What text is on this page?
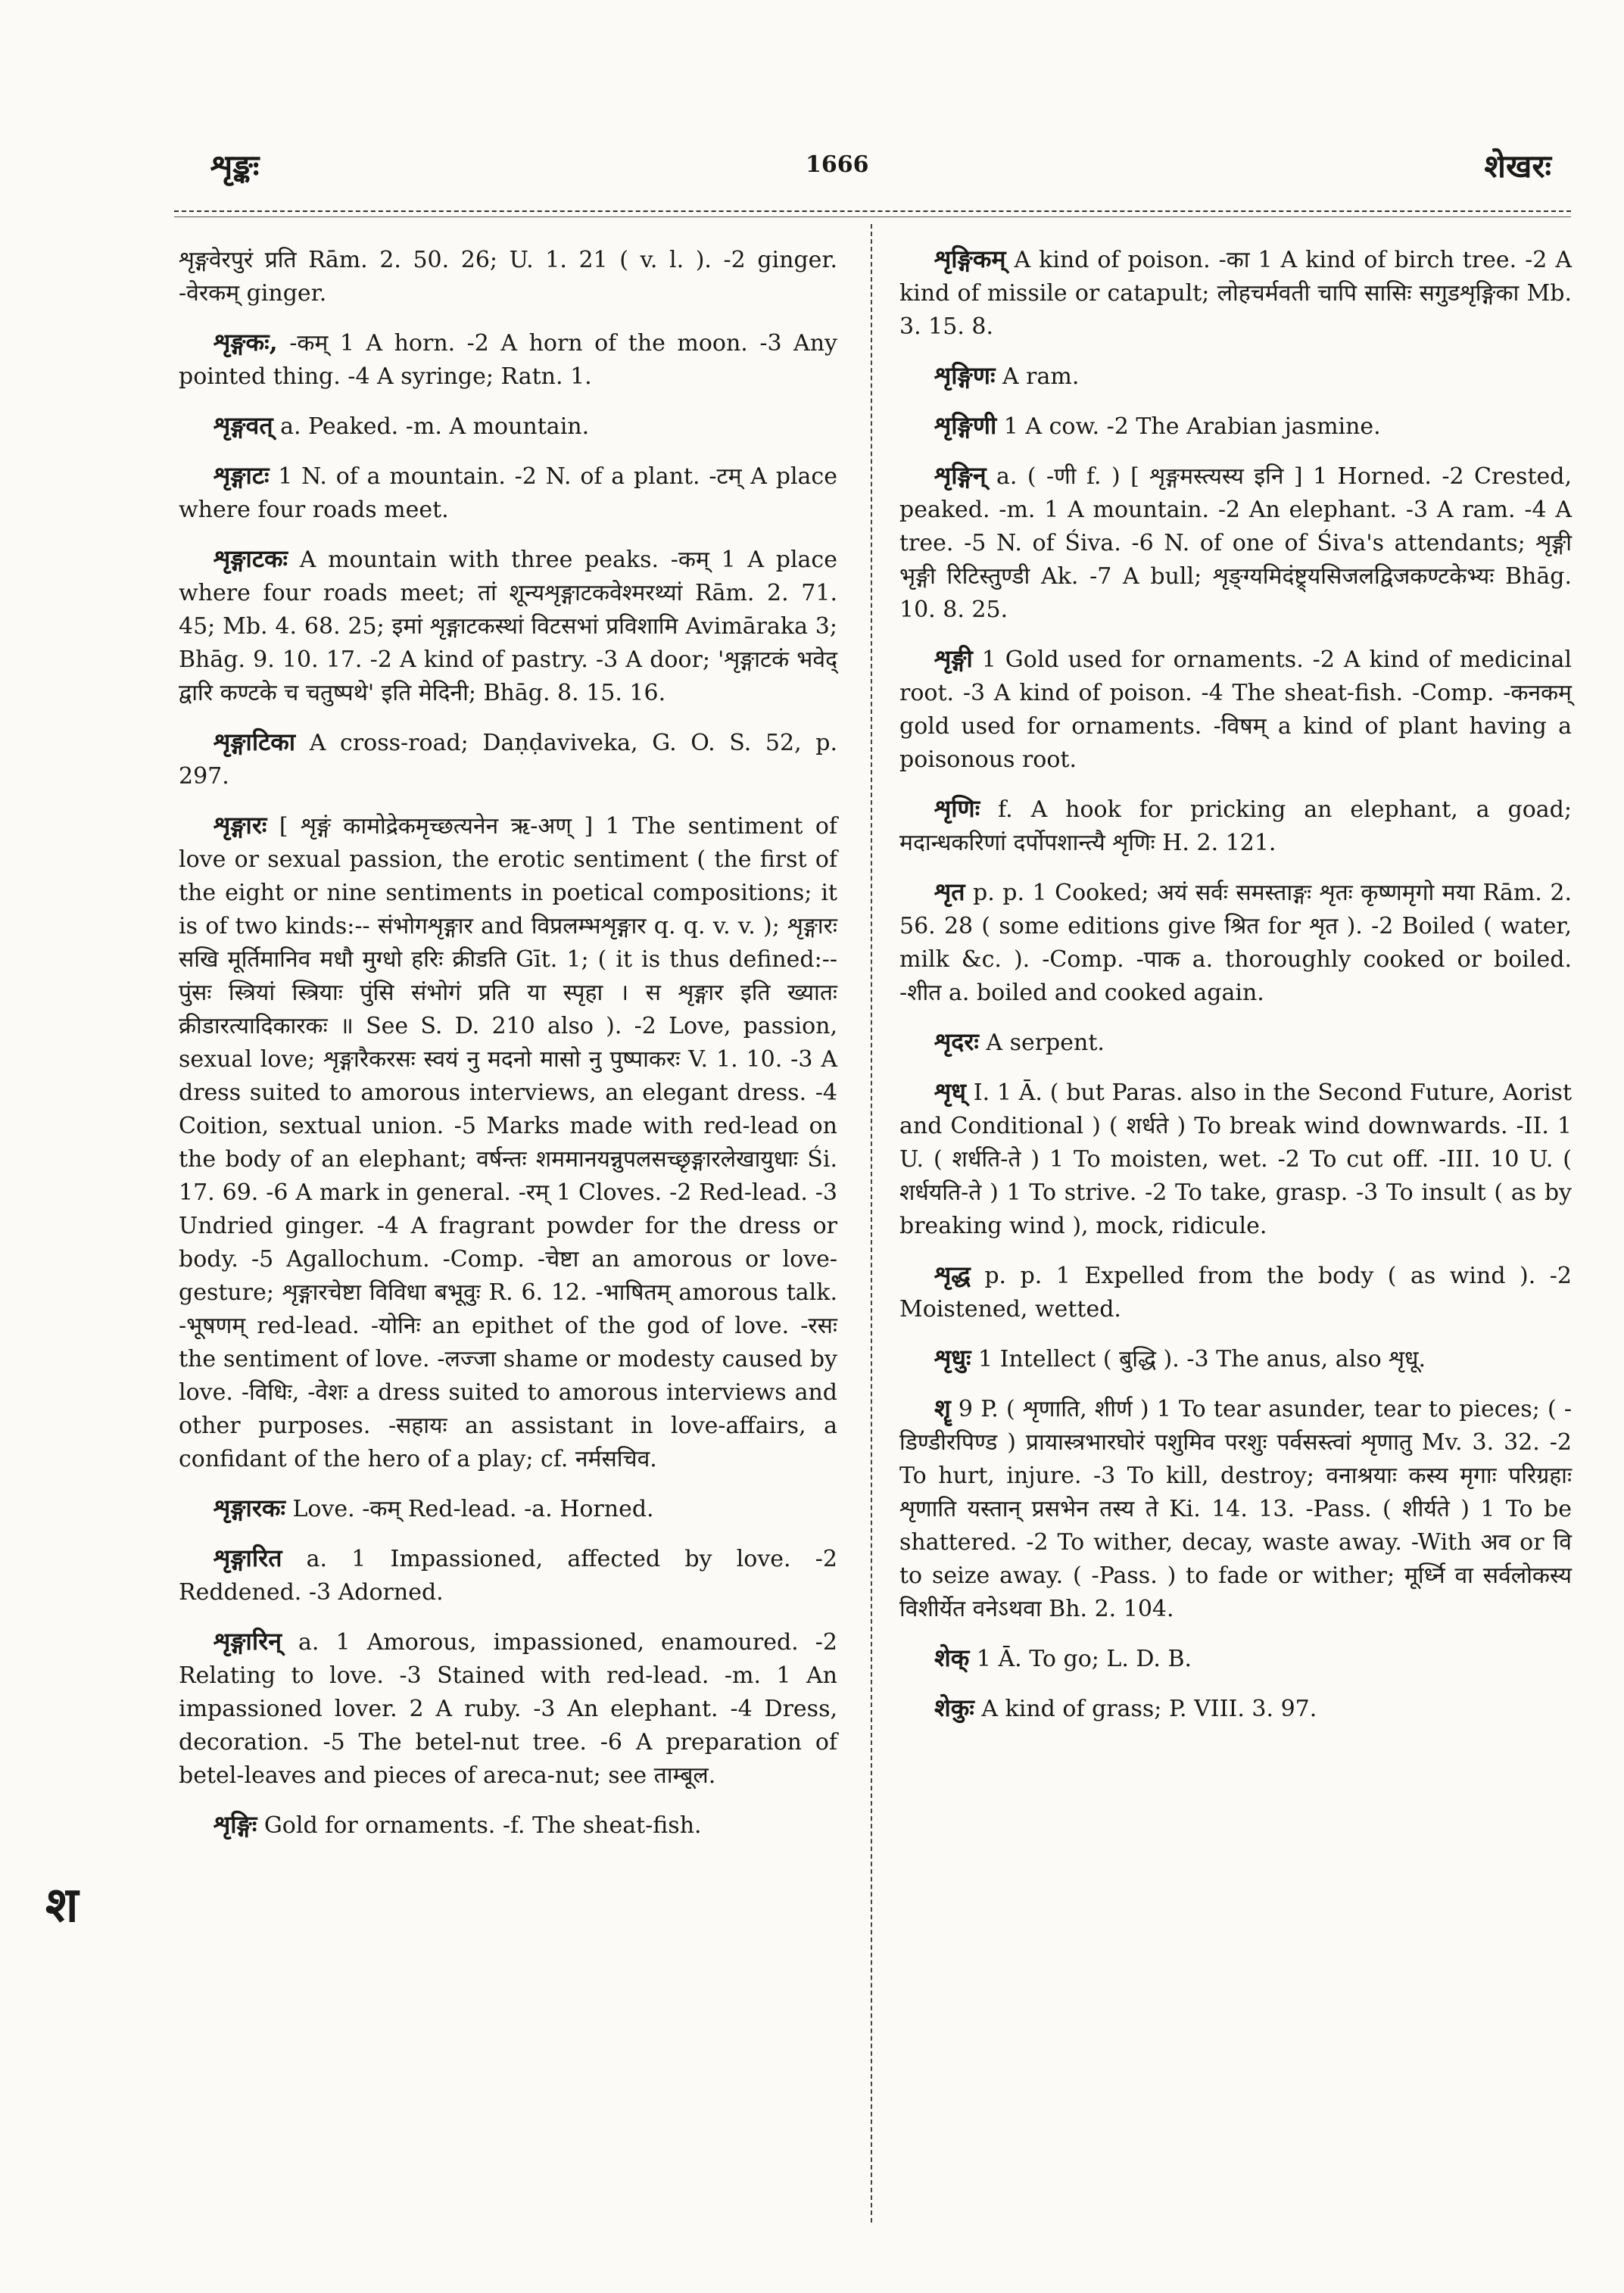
शृङ्कः	1666	शेखरः
श

शृङ्गवेरपुरं प्रति Rām. 2. 50. 26; U. 1. 21 ( v. l. ). -2 ginger. -वेरकम् ginger.

शृङ्गकः, -कम् 1 A horn. -2 A horn of the moon. -3 Any pointed thing. -4 A syringe; Ratn. 1.

शृङ्गवत् a. Peaked. -m. A mountain.

शृङ्गाटः 1 N. of a mountain. -2 N. of a plant. -टम् A place where four roads meet.

शृङ्गाटकः A mountain with three peaks. -कम् 1 A place where four roads meet; तां शून्यशृङ्गाटकवेश्मरथ्यां Rām. 2. 71. 45; Mb. 4. 68. 25; इमां शृङ्गाटकस्थां विटसभां प्रविशामि Avimāraka 3; Bhāg. 9. 10. 17. -2 A kind of pastry. -3 A door; 'शृङ्गाटकं भवेद् द्वारि कण्टके च चतुष्पथे' इति मेदिनी; Bhāg. 8. 15. 16.

शृङ्गाटिका A cross-road; Daṇḍaviveka, G. O. S. 52, p. 297.

शृङ्गारः [ शृङ्गं कामोद्रेकमृच्छत्यनेन ऋ-अण् ] 1 The sentiment of love or sexual passion, the erotic sentiment ( the first of the eight or nine sentiments in poetical compositions; it is of two kinds:-- संभोगशृङ्गार and विप्रलम्भशृङ्गार q. q. v. v. ); शृङ्गारः सखि मूर्तिमानिव मधौ मुग्धो हरिः क्रीडति Gīt. 1; ( it is thus defined:-- पुंसः स्त्रियां स्त्रियाः पुंसि संभोगं प्रति या स्पृहा । स शृङ्गार इति ख्यातः क्रीडारत्यादिकारकः ॥ See S. D. 210 also ). -2 Love, passion, sexual love; शृङ्गारैकरसः स्वयं नु मदनो मासो नु पुष्पाकरः V. 1. 10. -3 A dress suited to amorous interviews, an elegant dress. -4 Coition, sextual union. -5 Marks made with red-lead on the body of an elephant; वर्षन्तः शममानयन्नुपलसच्छृङ्गारलेखायुधाः Śi. 17. 69. -6 A mark in general. -रम् 1 Cloves. -2 Red-lead. -3 Undried ginger. -4 A fragrant powder for the dress or body. -5 Agallochum. -Comp. -चेष्टा an amorous or love-gesture; शृङ्गारचेष्टा विविधा बभूवुः R. 6. 12. -भाषितम् amorous talk. -भूषणम् red-lead. -योनिः an epithet of the god of love. -रसः the sentiment of love. -लज्जा shame or modesty caused by love. -विधिः, -वेशः a dress suited to amorous interviews and other purposes. -सहायः an assistant in love-affairs, a confidant of the hero of a play; cf. नर्मसचिव.

शृङ्गारकः Love. -कम् Red-lead. -a. Horned.

शृङ्गारित a. 1 Impassioned, affected by love. -2 Reddened. -3 Adorned.

शृङ्गारिन् a. 1 Amorous, impassioned, enamoured. -2 Relating to love. -3 Stained with red-lead. -m. 1 An impassioned lover. 2 A ruby. -3 An elephant. -4 Dress, decoration. -5 The betel-nut tree. -6 A preparation of betel-leaves and pieces of areca-nut; see ताम्बूल.

शृङ्गिः Gold for ornaments. -f. The sheat-fish.

शृङ्गिकम् A kind of poison. -का 1 A kind of birch tree. -2 A kind of missile or catapult; लोहचर्मवती चापि सासिः सगुडशृङ्गिका Mb. 3. 15. 8.

शृङ्गिणः A ram.

शृङ्गिणी 1 A cow. -2 The Arabian jasmine.

शृङ्गिन् a. ( -णी f. ) [ शृङ्गमस्त्यस्य इनि ] 1 Horned. -2 Crested, peaked. -m. 1 A mountain. -2 An elephant. -3 A ram. -4 A tree. -5 N. of Śiva. -6 N. of one of Śiva's attendants; शृङ्गी भृङ्गी रिटिस्तुण्डी Ak. -7 A bull; शृङ्ग्यमिदंष्ट्र्यसिजलद्विजकण्टकेभ्यः Bhāg. 10. 8. 25.

शृङ्गी 1 Gold used for ornaments. -2 A kind of medicinal root. -3 A kind of poison. -4 The sheat-fish. -Comp. -कनकम् gold used for ornaments. -विषम् a kind of plant having a poisonous root.

शृणिः f. A hook for pricking an elephant, a goad; मदान्धकरिणां दर्पोपशान्त्यै शृणिः H. 2. 121.

शृत p. p. 1 Cooked; अयं सर्वः समस्ताङ्गः शृतः कृष्णमृगो मया Rām. 2. 56. 28 ( some editions give श्रित for शृत ). -2 Boiled ( water, milk &c. ). -Comp. -पाक a. thoroughly cooked or boiled. -शीत a. boiled and cooked again.

शृदरः A serpent.

शृध् I. 1 Ā. ( but Paras. also in the Second Future, Aorist and Conditional ) ( शर्धते ) To break wind downwards. -II. 1 U. ( शर्धति-ते ) 1 To moisten, wet. -2 To cut off. -III. 10 U. ( शर्धयति-ते ) 1 To strive. -2 To take, grasp. -3 To insult ( as by breaking wind ), mock, ridicule.

शृद्ध p. p. 1 Expelled from the body ( as wind ). -2 Moistened, wetted.

शृधुः 1 Intellect ( बुद्धि ). -3 The anus, also शृधू.

शॄ 9 P. ( शृणाति, शीर्ण ) 1 To tear asunder, tear to pieces; ( -डिण्डीरपिण्ड ) प्रायास्त्रभारघोरं पशुमिव परशुः पर्वसस्त्वां शृणातु Mv. 3. 32. -2 To hurt, injure. -3 To kill, destroy; वनाश्रयाः कस्य मृगाः परिग्रहाः शृणाति यस्तान् प्रसभेन तस्य ते Ki. 14. 13. -Pass. ( शीर्यते ) 1 To be shattered. -2 To wither, decay, waste away. -With अव or वि to seize away. ( -Pass. ) to fade or wither; मूर्ध्नि वा सर्वलोकस्य विशीर्येत वनेऽथवा Bh. 2. 104.

शेक् 1 Ā. To go; L. D. B.

शेकुः A kind of grass; P. VIII. 3. 97.
